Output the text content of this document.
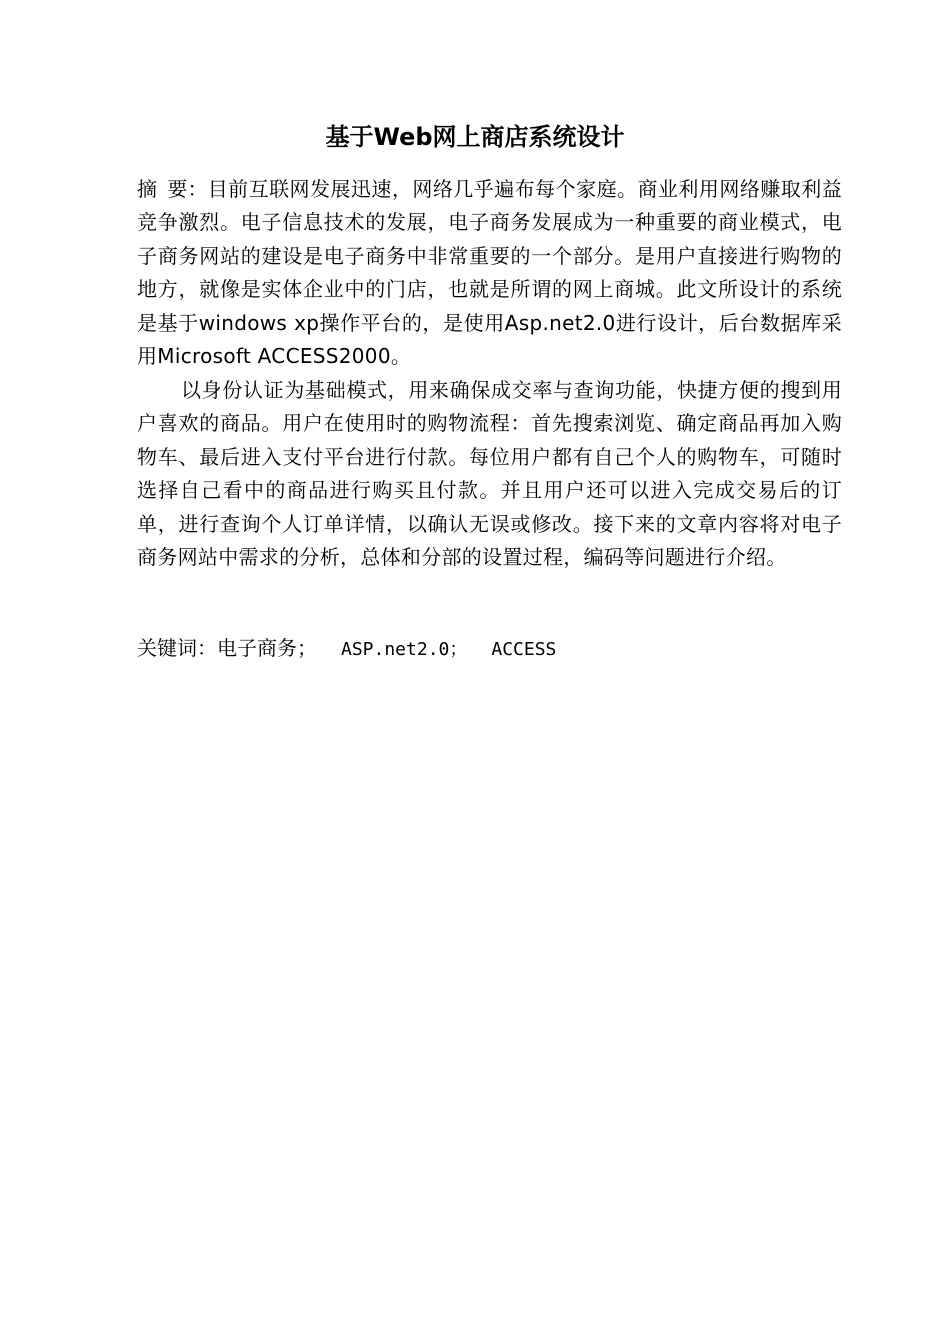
基于Web网上商店系统设计

摘 要：目前互联网发展迅速，网络几乎遍布每个家庭。商业利用网络赚取利益竞争激烈。电子信息技术的发展，电子商务发展成为一种重要的商业模式，电子商务网站的建设是电子商务中非常重要的一个部分。是用户直接进行购物的地方，就像是实体企业中的门店，也就是所谓的网上商城。此文所设计的系统是基于windows xp操作平台的，是使用Asp.net2.0进行设计，后台数据库采用Microsoft ACCESS2000。

以身份认证为基础模式，用来确保成交率与查询功能，快捷方便的搜到用户喜欢的商品。用户在使用时的购物流程：首先搜索浏览、确定商品再加入购物车、最后进入支付平台进行付款。每位用户都有自己个人的购物车，可随时选择自己看中的商品进行购买且付款。并且用户还可以进入完成交易后的订单，进行查询个人订单详情，以确认无误或修改。接下来的文章内容将对电子商务网站中需求的分析，总体和分部的设置过程，编码等问题进行介绍。

关键词：电子商务； ASP.net2.0； ACCESS
